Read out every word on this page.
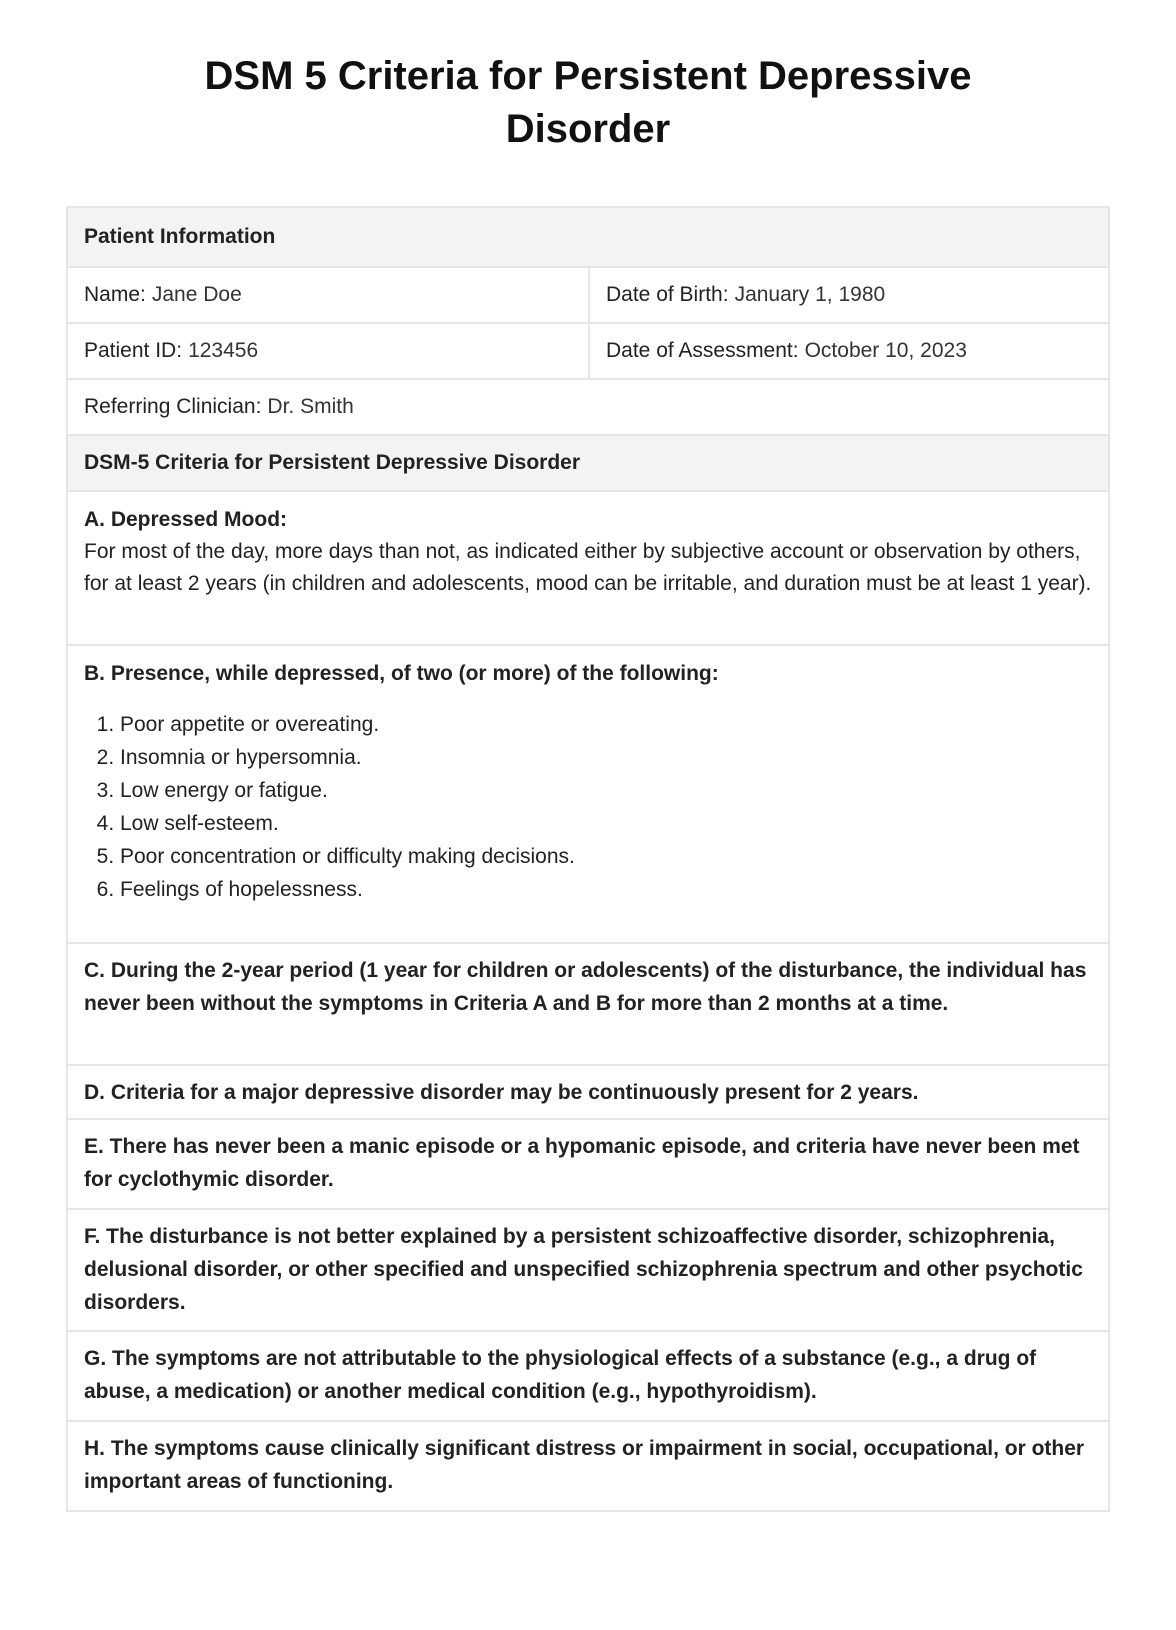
DSM 5 Criteria for Persistent Depressive Disorder
Patient Information
Name: Jane Doe	Date of Birth: January 1, 1980
Patient ID: 123456	Date of Assessment: October 10, 2023
Referring Clinician: Dr. Smith
DSM-5 Criteria for Persistent Depressive Disorder
A. Depressed Mood:
For most of the day, more days than not, as indicated either by subjective account or observation by others, for at least 2 years (in children and adolescents, mood can be irritable, and duration must be at least 1 year).
B. Presence, while depressed, of two (or more) of the following:
1. Poor appetite or overeating.
2. Insomnia or hypersomnia.
3. Low energy or fatigue.
4. Low self-esteem.
5. Poor concentration or difficulty making decisions.
6. Feelings of hopelessness.
C. During the 2-year period (1 year for children or adolescents) of the disturbance, the individual has never been without the symptoms in Criteria A and B for more than 2 months at a time.
D. Criteria for a major depressive disorder may be continuously present for 2 years.
E. There has never been a manic episode or a hypomanic episode, and criteria have never been met for cyclothymic disorder.
F. The disturbance is not better explained by a persistent schizoaffective disorder, schizophrenia, delusional disorder, or other specified and unspecified schizophrenia spectrum and other psychotic disorders.
G. The symptoms are not attributable to the physiological effects of a substance (e.g., a drug of abuse, a medication) or another medical condition (e.g., hypothyroidism).
H. The symptoms cause clinically significant distress or impairment in social, occupational, or other important areas of functioning.
